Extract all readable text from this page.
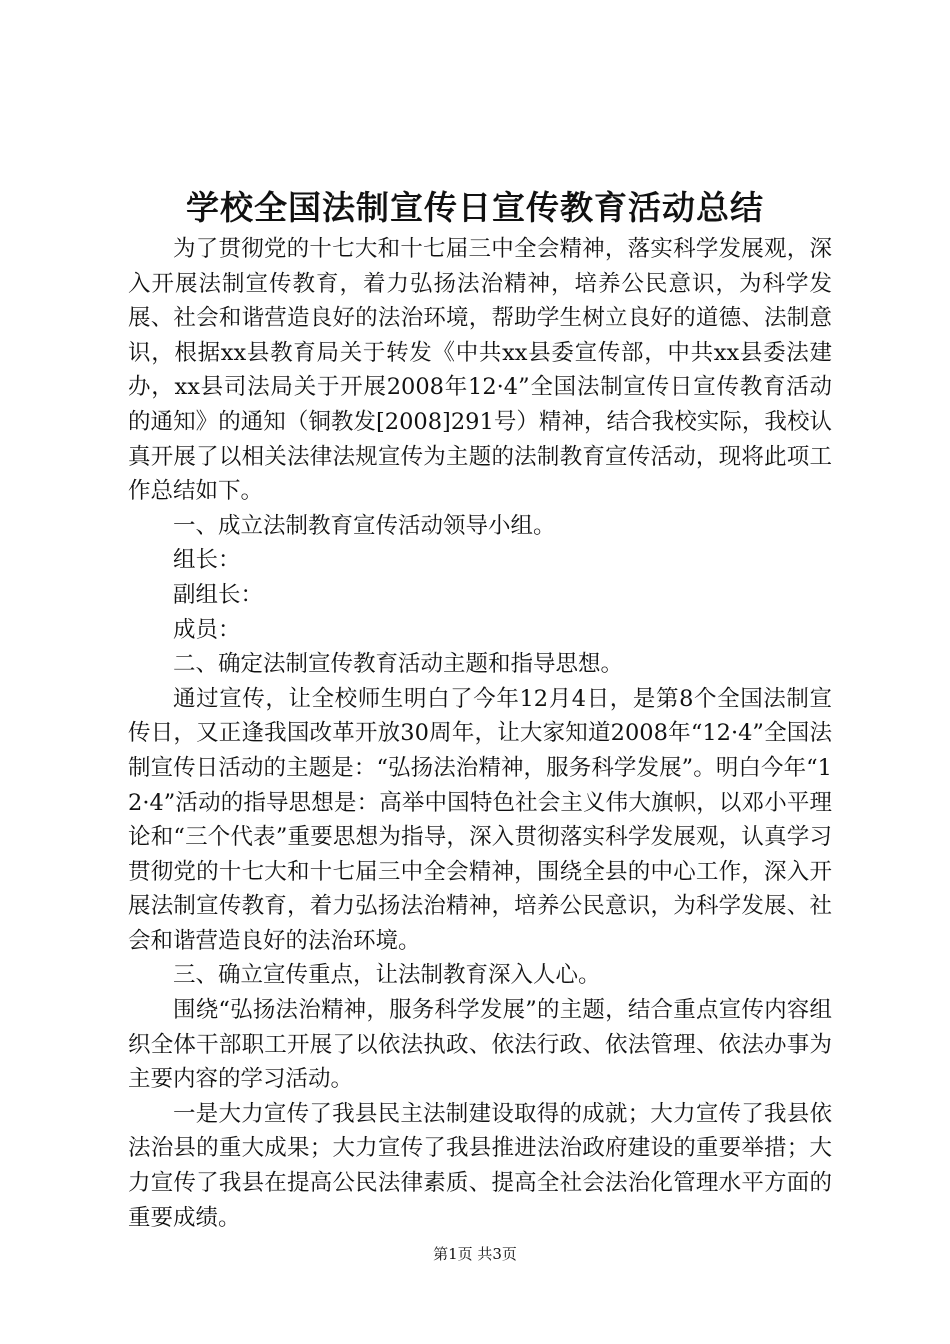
学校全国法制宣传日宣传教育活动总结

为了贯彻党的十七大和十七届三中全会精神，落实科学发展观，深入开展法制宣传教育，着力弘扬法治精神，培养公民意识，为科学发展、社会和谐营造良好的法治环境，帮助学生树立良好的道德、法制意识，根据xx县教育局关于转发《中共xx县委宣传部，中共xx县委法建办，xx县司法局关于开展2008年12·4”全国法制宣传日宣传教育活动的通知》的通知（铜教发[2008]291号）精神，结合我校实际，我校认真开展了以相关法律法规宣传为主题的法制教育宣传活动，现将此项工作总结如下。

一、成立法制教育宣传活动领导小组。

组长：

副组长：

成员：

二、确定法制宣传教育活动主题和指导思想。

通过宣传，让全校师生明白了今年12月4日，是第8个全国法制宣传日，又正逢我国改革开放30周年，让大家知道2008年“12·4”全国法制宣传日活动的主题是：“弘扬法治精神，服务科学发展”。明白今年“12·4”活动的指导思想是：高举中国特色社会主义伟大旗帜，以邓小平理论和“三个代表”重要思想为指导，深入贯彻落实科学发展观，认真学习贯彻党的十七大和十七届三中全会精神，围绕全县的中心工作，深入开展法制宣传教育，着力弘扬法治精神，培养公民意识，为科学发展、社会和谐营造良好的法治环境。

三、确立宣传重点，让法制教育深入人心。

围绕“弘扬法治精神，服务科学发展”的主题，结合重点宣传内容组织全体干部职工开展了以依法执政、依法行政、依法管理、依法办事为主要内容的学习活动。

一是大力宣传了我县民主法制建设取得的成就；大力宣传了我县依法治县的重大成果；大力宣传了我县推进法治政府建设的重要举措；大力宣传了我县在提高公民法律素质、提高全社会法治化管理水平方面的重要成绩。

第1页 共3页
